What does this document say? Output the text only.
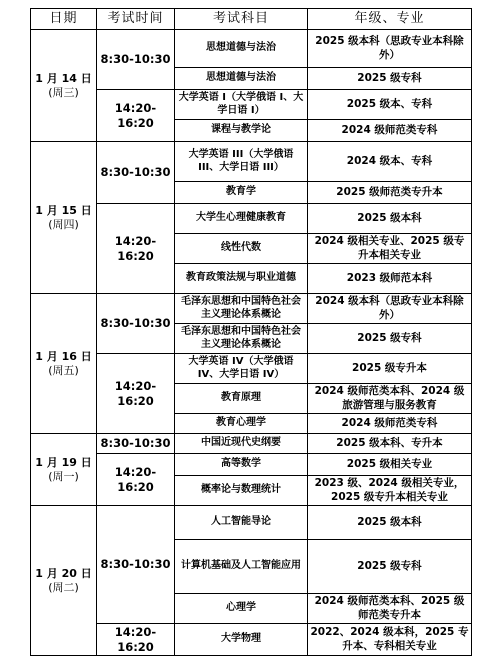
日期	考试时间	考试科目	年级、专业

1 月 14 日
(周三)	8:30-10:30	思想道德与法治	2025 级本科（思政专业本科除外）
		思想道德与法治	2025 级专科
	14:20-16:20	大学英语 I（大学俄语 I、大学日语 I）	2025 级本、专科
		课程与教学论	2024 级师范类专科

1 月 15 日
(周四)	8:30-10:30	大学英语 III（大学俄语 III、大学日语 III）	2024 级本、专科
		教育学	2025 级师范类专升本
	14:20-16:20	大学生心理健康教育	2025 级本科
		线性代数	2024 级相关专业、2025 级专升本相关专业
		教育政策法规与职业道德	2023 级师范本科

1 月 16 日
(周五)	8:30-10:30	毛泽东思想和中国特色社会主义理论体系概论	2024 级本科（思政专业本科除外）
		毛泽东思想和中国特色社会主义理论体系概论	2025 级专科
	14:20-16:20	大学英语 IV（大学俄语 IV、大学日语 IV）	2025 级专升本
		教育原理	2024 级师范类本科、2024 级旅游管理与服务教育
		教育心理学	2024 级师范类专科

1 月 19 日
(周一)	8:30-10:30	中国近现代史纲要	2025 级本科、专升本
	14:20-16:20	高等数学	2025 级相关专业
		概率论与数理统计	2023 级、2024 级相关专业，2025 级专升本相关专业

1 月 20 日
(周二)	8:30-10:30	人工智能导论	2025 级本科
		计算机基础及人工智能应用	2025 级专科
		心理学	2024 级师范类本科、2025 级师范类专升本
	14:20-16:20	大学物理	2022、2024 级本科，2025 专升本、专科相关专业
